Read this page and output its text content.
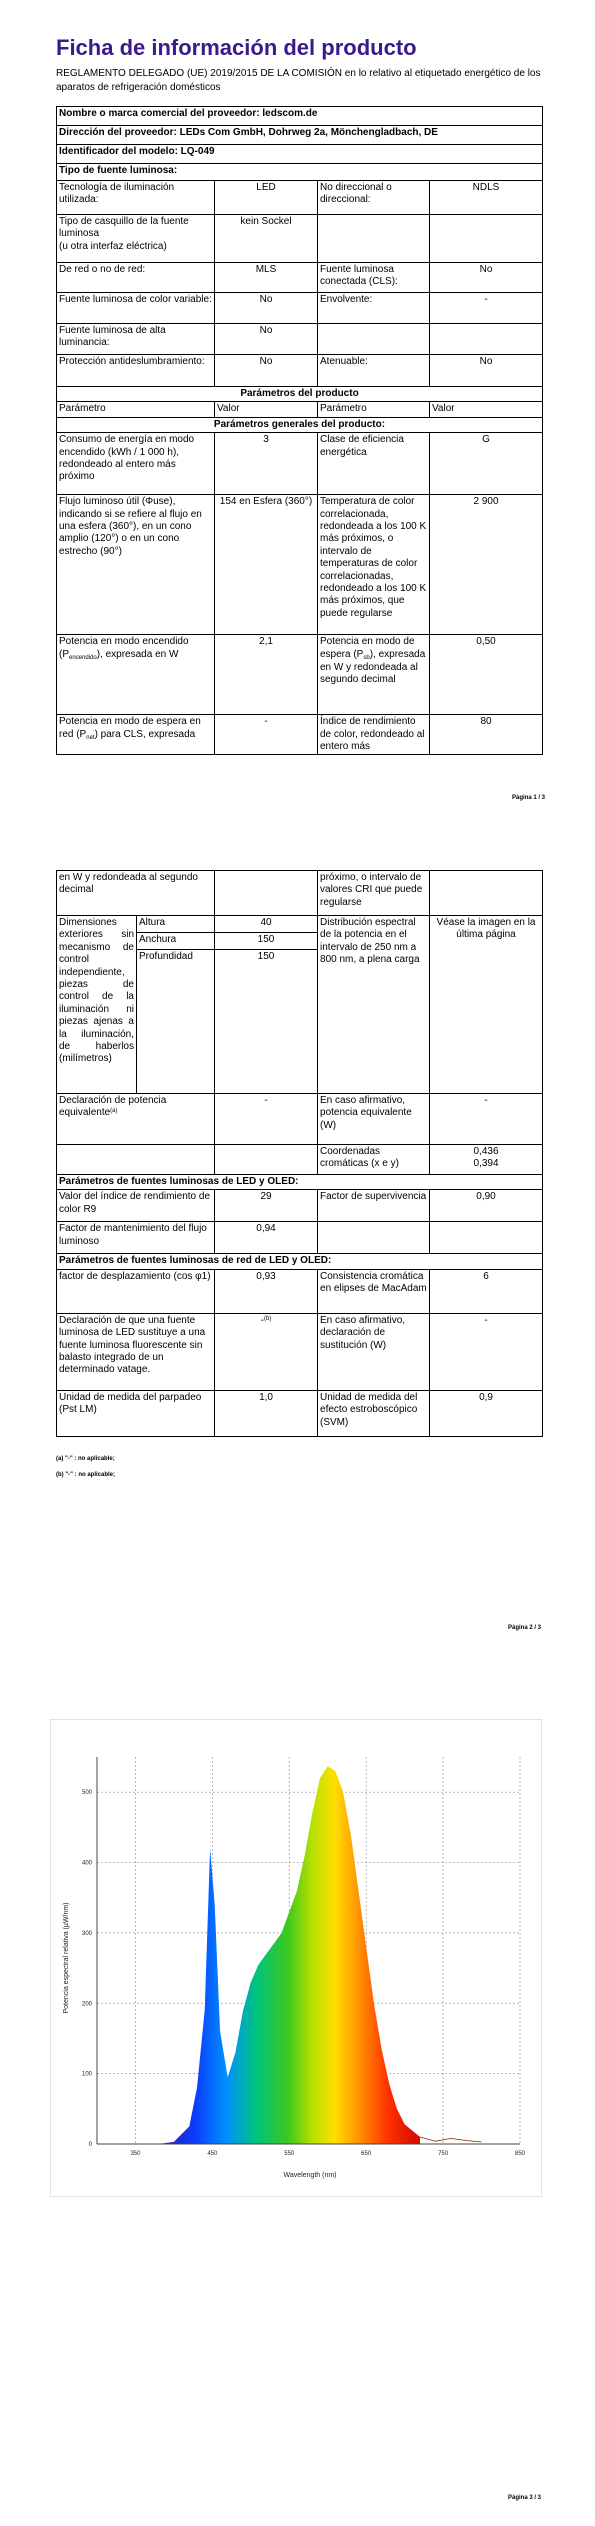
Ficha de información del producto
REGLAMENTO DELEGADO (UE) 2019/2015 DE LA COMISIÓN en lo relativo al etiquetado energético de los aparatos de refrigeración domésticos
Nombre o marca comercial del proveedor: ledscom.de			
Dirección del proveedor: LEDs Com GmbH, Dohrweg 2a, Mönchengladbach, DE			
Identificador del modelo: LQ-049			
Tipo de fuente luminosa:			
Tecnología de iluminación utilizada:	LED	No direccional o direccional:	NDLS
Tipo de casquillo de la fuente luminosa
(u otra interfaz eléctrica)	kein Sockel		
De red o no de red:	MLS	Fuente luminosa conectada (CLS):	No
Fuente luminosa de color variable:	No	Envolvente:	-
Fuente luminosa de alta luminancia:	No		
Protección antideslumbramiento:	No	Atenuable:	No
Parámetros del producto			
Parámetro	Valor	Parámetro	Valor
Parámetros generales del producto:			
Consumo de energía en modo encendido (kWh / 1 000 h), redondeado al entero más próximo	3	Clase de eficiencia energética	G
Flujo luminoso útil (Φuse), indicando si se refiere al flujo en una esfera (360°), en un cono amplio (120°) o en un cono estrecho (90°)	154 en Esfera (360°)	Temperatura de color correlacionada, redondeada a los 100 K más próximos, o intervalo de temperaturas de color correlacionadas, redondeado a los 100 K más próximos, que puede regularse	2 900
Potencia en modo encendido $(P_{encendido})$, expresada en W	2,1	Potencia en modo de espera $(P_{sb})$, expresada en W y redondeada al segundo decimal	0,50
Potencia en modo de espera en red $(P_{net})$ para CLS, expresada	-	Índice de rendimiento de color, redondeado al entero más	80
Página 1 / 3
en W y redondeada al segundo decimal			próximo, o intervalo de valores CRI que puede regularse	
Dimensiones exteriores sin mecanismo de control independiente, piezas de control de la iluminación ni piezas ajenas a la iluminación, de haberlos (milímetros)	Altura	40	Distribución espectral de la potencia en el intervalo de 250 nm a 800 nm, a plena carga	Véase la imagen en la última página
	Anchura	150		
	Profundidad	150		
Declaración de potencia equivalente$^{(a)}$		-	En caso afirmativo, potencia equivalente (W)	-
			Coordenadas cromáticas (x e y)	0,436
0,394

Parámetros de fuentes luminosas de LED y OLED:				
Valor del índice de rendimiento de color R9		29	Factor de supervivencia	0,90
Factor de mantenimiento del flujo luminoso		0,94		
Parámetros de fuentes luminosas de red de LED y OLED:				
factor de desplazamiento (cos φ1)		0,93	Consistencia cromática en elipses de MacAdam	6
Declaración de que una fuente luminosa de LED sustituye a una fuente luminosa fluorescente sin balasto integrado de un determinado vatage.		-$^{(b)}$	En caso afirmativo, declaración de sustitución (W)	-
Unidad de medida del parpadeo (Pst LM)		1,0	Unidad de medida del efecto estroboscópico (SVM)	0,9
(a) "-" : no aplicable;
(b) "-" : no aplicable;
Página 2 / 3
350	450	550	650	750	850
0
100
200
300
400
500
Potencia espectral relativa (µW/nm)
Wavelength (nm)
Página 3 / 3
